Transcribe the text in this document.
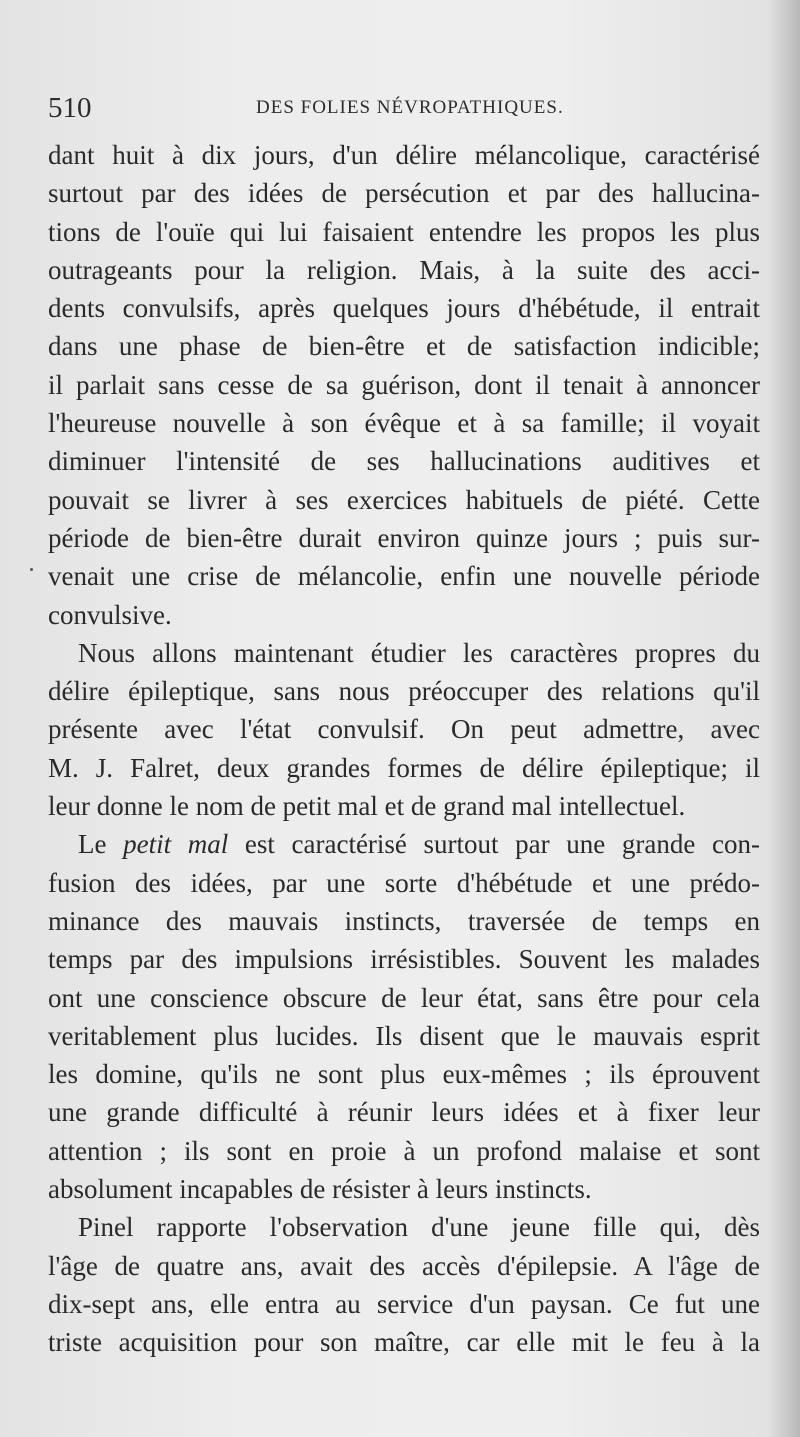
510	DES FOLIES NÉVROPATHIQUES.
dant huit à dix jours, d'un délire mélancolique, caractérisé
surtout par des idées de persécution et par des hallucina-
tions de l'ouïe qui lui faisaient entendre les propos les plus
outrageants pour la religion. Mais, à la suite des acci-
dents convulsifs, après quelques jours d'hébétude, il entrait
dans une phase de bien-être et de satisfaction indicible;
il parlait sans cesse de sa guérison, dont il tenait à annoncer
l'heureuse nouvelle à son évêque et à sa famille; il voyait
diminuer l'intensité de ses hallucinations auditives et
pouvait se livrer à ses exercices habituels de piété. Cette
période de bien-être durait environ quinze jours ; puis sur-
venait une crise de mélancolie, enfin une nouvelle période
convulsive.
Nous allons maintenant étudier les caractères propres du
délire épileptique, sans nous préoccuper des relations qu'il
présente avec l'état convulsif. On peut admettre, avec
M. J. Falret, deux grandes formes de délire épileptique; il
leur donne le nom de petit mal et de grand mal intellectuel.
Le petit mal est caractérisé surtout par une grande con-
fusion des idées, par une sorte d'hébétude et une prédo-
minance des mauvais instincts, traversée de temps en
temps par des impulsions irrésistibles. Souvent les malades
ont une conscience obscure de leur état, sans être pour cela
veritablement plus lucides. Ils disent que le mauvais esprit
les domine, qu'ils ne sont plus eux-mêmes ; ils éprouvent
une grande difficulté à réunir leurs idées et à fixer leur
attention ; ils sont en proie à un profond malaise et sont
absolument incapables de résister à leurs instincts.
Pinel rapporte l'observation d'une jeune fille qui, dès
l'âge de quatre ans, avait des accès d'épilepsie. A l'âge de
dix-sept ans, elle entra au service d'un paysan. Ce fut une
triste acquisition pour son maître, car elle mit le feu à la
